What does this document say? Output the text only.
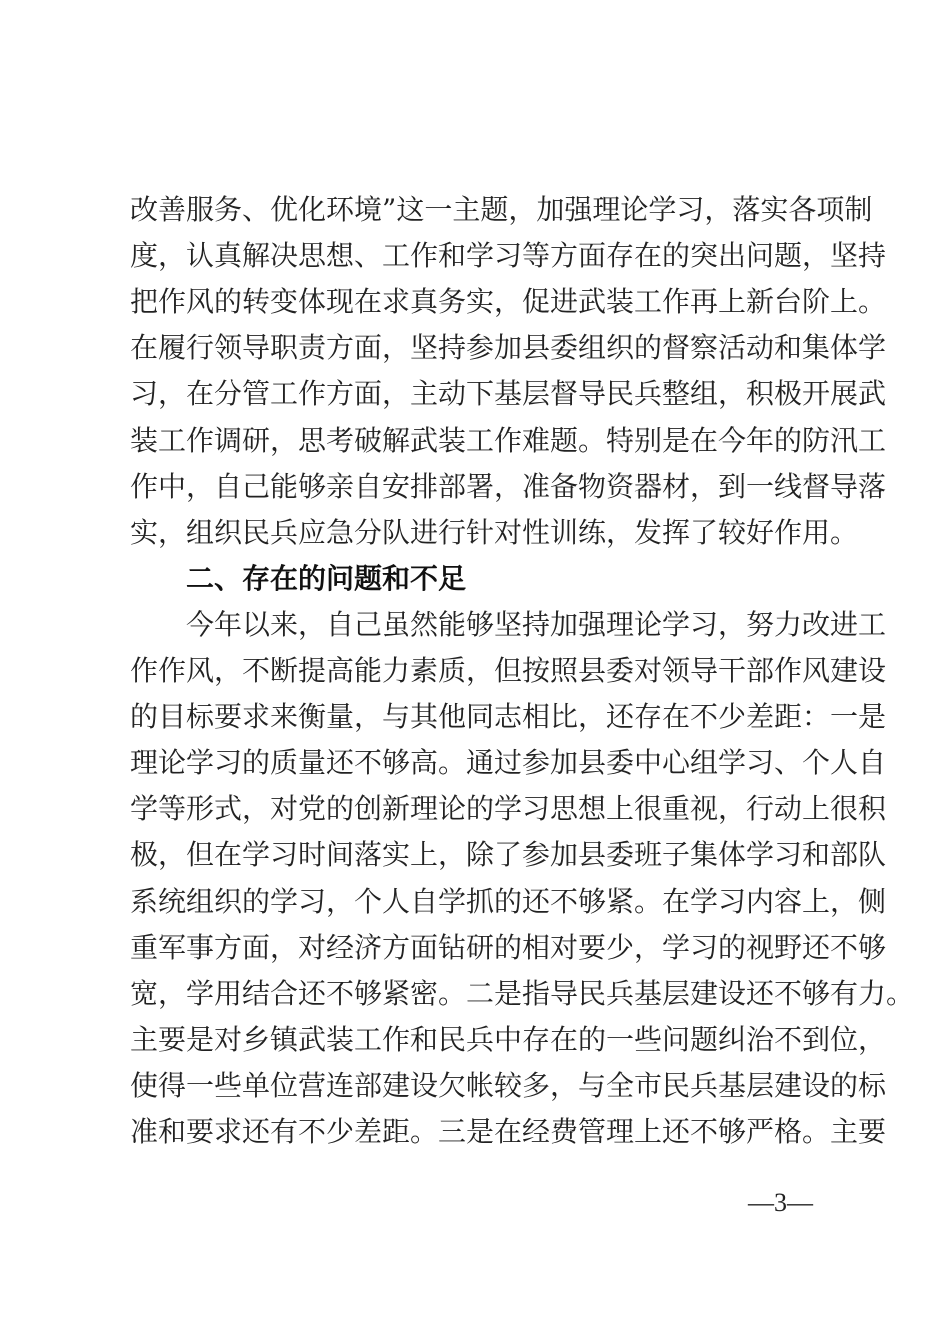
改善服务、优化环境”这一主题，加强理论学习，落实各项制
度，认真解决思想、工作和学习等方面存在的突出问题，坚持
把作风的转变体现在求真务实，促进武装工作再上新台阶上。
在履行领导职责方面，坚持参加县委组织的督察活动和集体学
习，在分管工作方面，主动下基层督导民兵整组，积极开展武
装工作调研，思考破解武装工作难题。特别是在今年的防汛工
作中，自己能够亲自安排部署，准备物资器材，到一线督导落
实，组织民兵应急分队进行针对性训练，发挥了较好作用。
二、存在的问题和不足
今年以来，自己虽然能够坚持加强理论学习，努力改进工
作作风，不断提高能力素质，但按照县委对领导干部作风建设
的目标要求来衡量，与其他同志相比，还存在不少差距：一是
理论学习的质量还不够高。通过参加县委中心组学习、个人自
学等形式，对党的创新理论的学习思想上很重视，行动上很积
极，但在学习时间落实上，除了参加县委班子集体学习和部队
系统组织的学习，个人自学抓的还不够紧。在学习内容上，侧
重军事方面，对经济方面钻研的相对要少，学习的视野还不够
宽，学用结合还不够紧密。二是指导民兵基层建设还不够有力。
主要是对乡镇武装工作和民兵中存在的一些问题纠治不到位，
使得一些单位营连部建设欠帐较多，与全市民兵基层建设的标
准和要求还有不少差距。三是在经费管理上还不够严格。主要
—3—
